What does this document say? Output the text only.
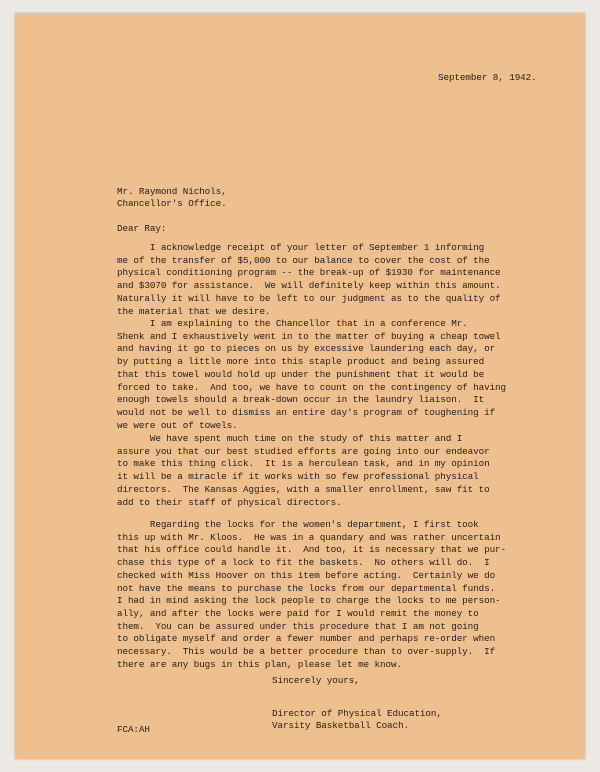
September 8, 1942.
Mr. Raymond Nichols,
Chancellor's Office.
Dear Ray:
I acknowledge receipt of your letter of September 1 informing
me of the transfer of $5,000 to our balance to cover the cost of the
physical conditioning program -- the break-up of $1930 for maintenance
and $3070 for assistance.  We will definitely keep within this amount.
Naturally it will have to be left to our judgment as to the quality of
the material that we desire.
I am explaining to the Chancellor that in a conference Mr.
Shenk and I exhaustively went in to the matter of buying a cheap towel
and having it go to pieces on us by excessive laundering each day, or
by putting a little more into this staple product and being assured
that this towel would hold up under the punishment that it would be
forced to take.  And too, we have to count on the contingency of having
enough towels should a break-down occur in the laundry liaison.  It
would not be well to dismiss an entire day's program of toughening if
we were out of towels.
We have spent much time on the study of this matter and I
assure you that our best studied efforts are going into our endeavor
to make this thing click.  It is a herculean task, and in my opinion
it will be a miracle if it works with so few professional physical
directors.  The Kansas Aggies, with a smaller enrollment, saw fit to
add to their staff of physical directors.
Regarding the locks for the women's department, I first took
this up with Mr. Kloos.  He was in a quandary and was rather uncertain
that his office could handle it.  And too, it is necessary that we pur-
chase this type of a lock to fit the baskets.  No others will do.  I
checked with Miss Hoover on this item before acting.  Certainly we do
not have the means to purchase the locks from our departmental funds.
I had in mind asking the lock people to charge the locks to me person-
ally, and after the locks were paid for I would remit the money to
them.  You can be assured under this procedure that I am not going
to obligate myself and order a fewer number and perhaps re-order when
necessary.  This would be a better procedure than to over-supply.  If
there are any bugs in this plan, please let me know.
Sincerely yours,
Director of Physical Education,
Varsity Basketball Coach.
FCA:AH
